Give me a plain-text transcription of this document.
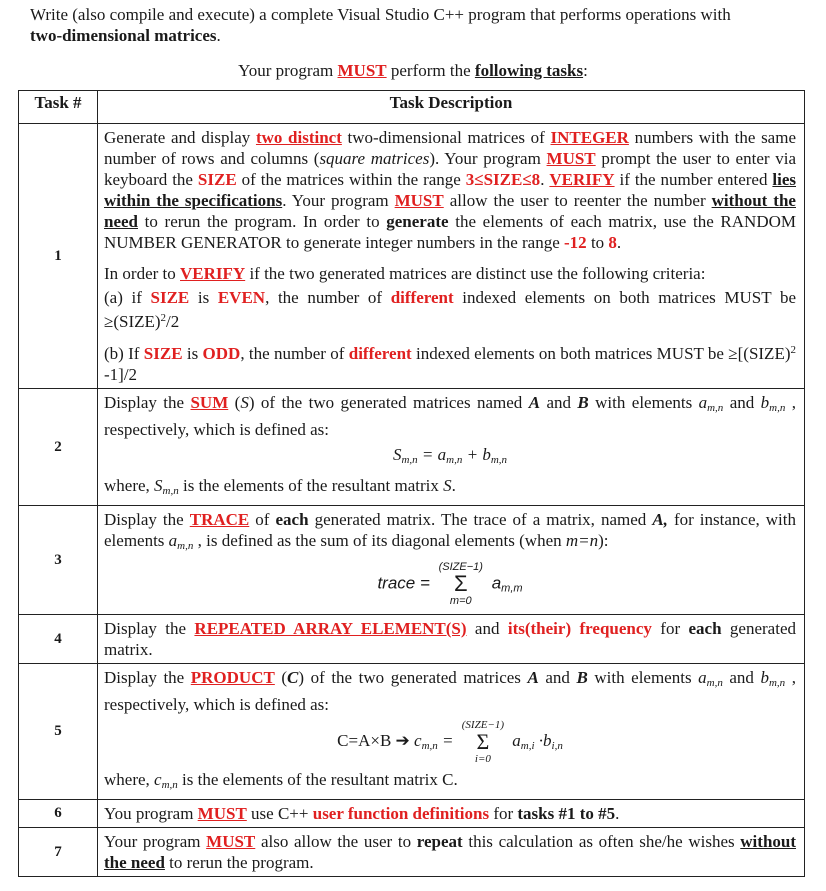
Write (also compile and execute) a complete Visual Studio C++ program that performs operations with
two-dimensional matrices.
Your program MUST perform the following tasks:
Task #	Task Description
1	Generate and display two distinct two-dimensional matrices of INTEGER numbers with the same number of rows and columns (square matrices). Your program MUST prompt the user to enter via keyboard the SIZE of the matrices within the range 3≤SIZE≤8. VERIFY if the number entered lies within the specifications. Your program MUST allow the user to reenter the number without the need to rerun the program. In order to generate the elements of each matrix, use the RANDOM NUMBER GENERATOR to generate integer numbers in the range -12 to 8.

In order to VERIFY if the two generated matrices are distinct use the following criteria:

(a) if SIZE is EVEN, the number of different indexed elements on both matrices MUST be ≥(SIZE)$^2$/2

(b) If SIZE is ODD, the number of different indexed elements on both matrices MUST be ≥[(SIZE)$^2$ -1]/2

2	Display the SUM (S) of the two generated matrices named A and B with elements $a_{m,n}$ and $b_{m,n}$ , respectively, which is defined as:

$S_{m,n} = a_{m,n} + b_{m,n}$

where, $S_{m,n}$ is the elements of the resultant matrix S.

3	Display the TRACE of each generated matrix. The trace of a matrix, named A, for instance, with elements $a_{m,n}$ , is defined as the sum of its diagonal elements (when m=n):

trace = (SIZE−1)
Σ
m=0 $a_{m,m}$

4	Display the REPEATED ARRAY ELEMENT(S) and its(their) frequency for each generated matrix.

5	Display the PRODUCT (C) of the two generated matrices A and B with elements $a_{m,n}$ and $b_{m,n}$ , respectively, which is defined as:

C=A×B ➔ $c_{m,n}$ = (SIZE−1)
Σ
i=0 $a_{m,i} \cdot b_{i,n}$

where, $c_{m,n}$ is the elements of the resultant matrix C.

6	You program MUST use C++ user function definitions for tasks #1 to #5.

7	Your program MUST also allow the user to repeat this calculation as often she/he wishes without the need to rerun the program.
